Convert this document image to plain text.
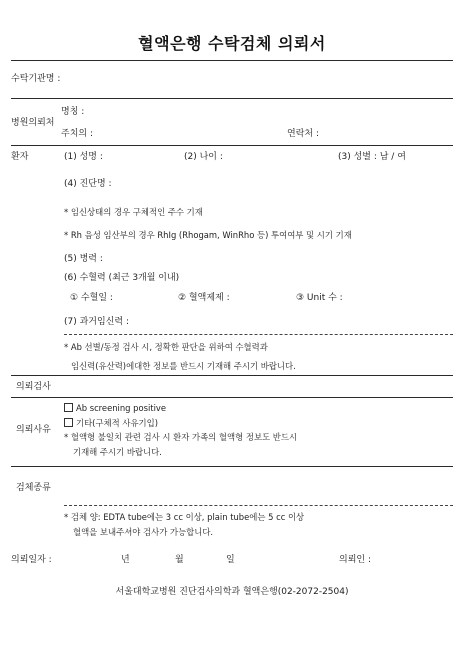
혈액은행 수탁검체 의뢰서
수탁기관명 :
명칭 :
병원의뢰처
주치의 :	연락처 :
환자	(1) 성명 :	(2) 나이 :	(3) 성별 : 남 / 여
(4) 진단명 :
* 임신상태의 경우 구체적인 주수 기재
* Rh 음성 임산부의 경우 RhIg (Rhogam, WinRho 등) 투여여부 및 시기 기재
(5) 병력 :
(6) 수혈력 (최근 3개월 이내)
① 수혈일 :	② 혈액제제 :	③ Unit 수 :
(7) 과거임신력 :
* Ab 선별/동정 검사 시, 정확한 판단을 위하여 수혈력과
임신력(유산력)에대한 정보를 반드시 기재해 주시기 바랍니다.
의뢰검사
Ab screening positive
기타(구체적 사유기입)
의뢰사유
* 혈액형 불일치 관련 검사 시 환자 가족의 혈액형 정보도 반드시
기재해 주시기 바랍니다.
검체종류
* 검체 양: EDTA tube에는 3 cc 이상, plain tube에는 5 cc 이상
혈액을 보내주셔야 검사가 가능합니다.
의뢰일자 :	년	월	일	의뢰인 :
서울대학교병원 진단검사의학과 혈액은행(02-2072-2504)
